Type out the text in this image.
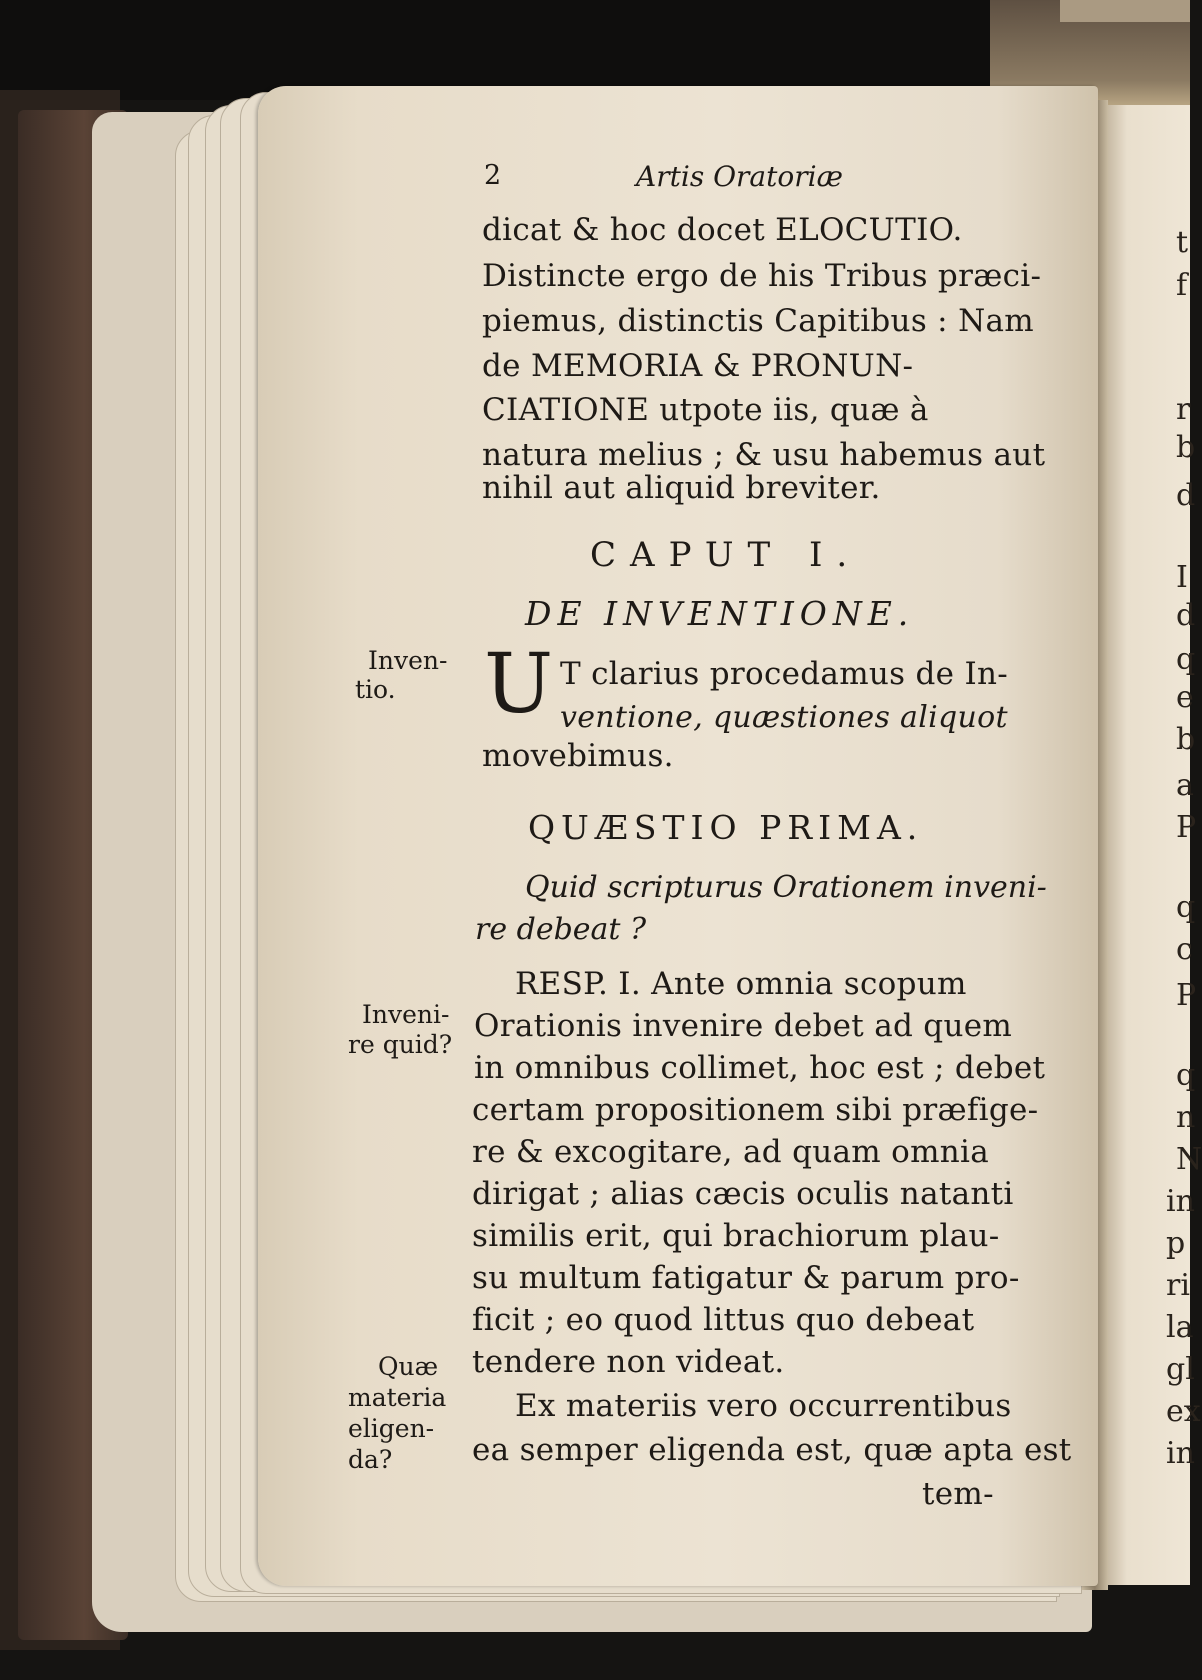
2	Artis Oratoriæ
dicat & hoc docet ELOCUTIO.
Distincte ergo de his Tribus præci-
piemus, distinctis Capitibus : Nam
de MEMORIA & PRONUN-
CIATIONE utpote iis, quæ à
natura melius ; & usu habemus aut
nihil aut aliquid breviter.
CAPUT I.
DE INVENTIONE.
Inven-
tio. U T clarius procedamus de In-
ventione, quæstiones aliquot
movebimus.
QUÆSTIO PRIMA.
Quid scripturus Orationem inveni-
re debeat ?
Inveni-
re quid?
RESP. I. Ante omnia scopum
Orationis invenire debet ad quem
in omnibus collimet, hoc est ; debet
certam propositionem sibi præfige-
re & excogitare, ad quam omnia
dirigat ; alias cæcis oculis natanti
similis erit, qui brachiorum plau-
su multum fatigatur & parum pro-
ficit ; eo quod littus quo debeat
tendere non videat.
Ex materiis vero occurrentibus
ea semper eligenda est, quæ apta est
tem-
Quæ
materia
eligen-
da?
t
f
r
b
d
I
d
q
e
b
a
P
q
c
P
q
n
N
in
p
ri
la
gl
ex
in
